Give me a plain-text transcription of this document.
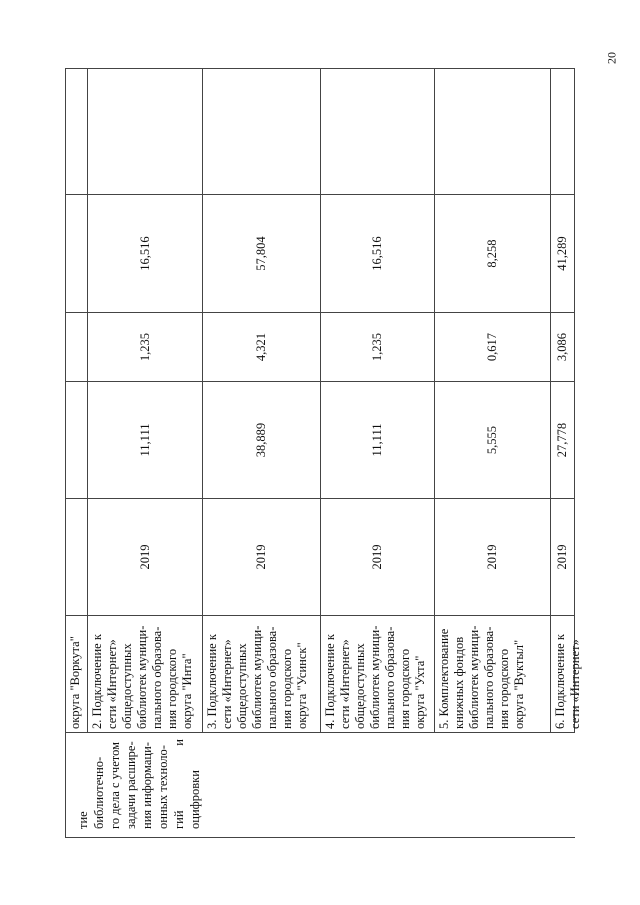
20
тие библиотечно- го дела с учетом задачи расшире- ния информаци- онных техноло- гий и оцифровки
округа "Воркута" 2. Подключение к сети «Интернет» общедоступных библиотек муници- пального образова- ния городского округа "Инта"
2019
11,111
1,235
16,516
3. Подключение к сети «Интернет» общедоступных библиотек муници- пального образова- ния городского округа "Усинск"
2019
38,889
4,321
57,804
4. Подключение к сети «Интернет» общедоступных библиотек муници- пального образова- ния городского округа "Ухта"
2019
11,111
1,235
16,516
5. Комплектование книжных фондов библиотек муници- пального образова- ния городского округа "Вуктыл"
2019
5,555
0,617
8,258
6. Подключение к сети «Интернет»
2019
27,778
3,086
41,289
